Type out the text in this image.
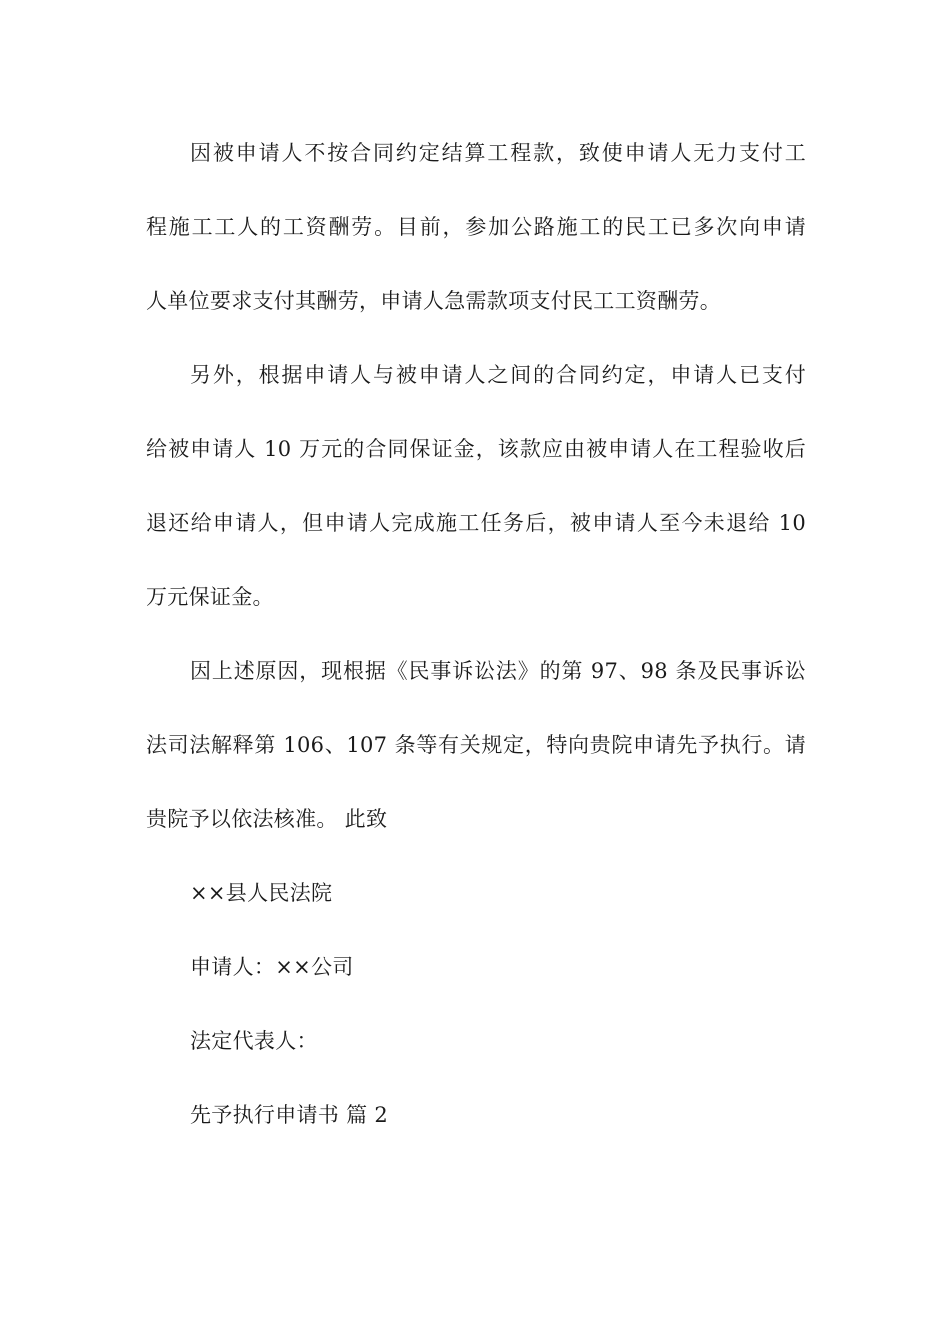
因被申请人不按合同约定结算工程款，致使申请人无力支付工
程施工工人的工资酬劳。目前，参加公路施工的民工已多次向申请
人单位要求支付其酬劳，申请人急需款项支付民工工资酬劳。
另外，根据申请人与被申请人之间的合同约定，申请人已支付
给被申请人 10 万元的合同保证金，该款应由被申请人在工程验收后
退还给申请人，但申请人完成施工任务后，被申请人至今未退给 10
万元保证金。
因上述原因，现根据《民事诉讼法》的第 97、98 条及民事诉讼
法司法解释第 106、107 条等有关规定，特向贵院申请先予执行。请
贵院予以依法核准。 此致
××县人民法院
申请人：××公司
法定代表人：
先予执行申请书 篇 2
